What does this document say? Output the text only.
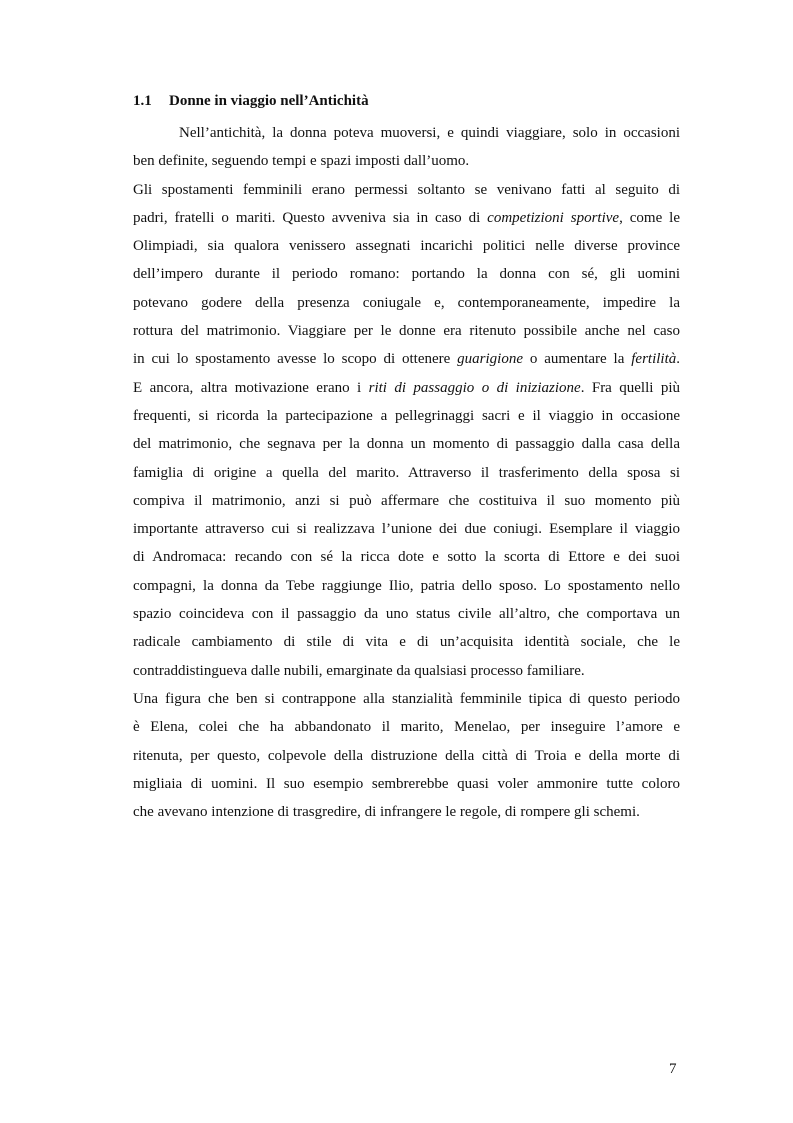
1.1 Donne in viaggio nell’Antichità
Nell’antichità, la donna poteva muoversi, e quindi viaggiare, solo in occasioni
ben definite, seguendo tempi e spazi imposti dall’uomo.
Gli spostamenti femminili erano permessi soltanto se venivano fatti al seguito di
padri, fratelli o mariti. Questo avveniva sia in caso di competizioni sportive, come le
Olimpiadi, sia qualora venissero assegnati incarichi politici nelle diverse province
dell’impero durante il periodo romano: portando la donna con sé, gli uomini
potevano godere della presenza coniugale e, contemporaneamente, impedire la
rottura del matrimonio. Viaggiare per le donne era ritenuto possibile anche nel caso
in cui lo spostamento avesse lo scopo di ottenere guarigione o aumentare la fertilità.
E ancora, altra motivazione erano i riti di passaggio o di iniziazione. Fra quelli più
frequenti, si ricorda la partecipazione a pellegrinaggi sacri e il viaggio in occasione
del matrimonio, che segnava per la donna un momento di passaggio dalla casa della
famiglia di origine a quella del marito. Attraverso il trasferimento della sposa si
compiva il matrimonio, anzi si può affermare che costituiva il suo momento più
importante attraverso cui si realizzava l’unione dei due coniugi. Esemplare il viaggio
di Andromaca: recando con sé la ricca dote e sotto la scorta di Ettore e dei suoi
compagni, la donna da Tebe raggiunge Ilio, patria dello sposo. Lo spostamento nello
spazio coincideva con il passaggio da uno status civile all’altro, che comportava un
radicale cambiamento di stile di vita e di un’acquisita identità sociale, che le
contraddistingueva dalle nubili, emarginate da qualsiasi processo familiare.
Una figura che ben si contrappone alla stanzialità femminile tipica di questo periodo
è Elena, colei che ha abbandonato il marito, Menelao, per inseguire l’amore e
ritenuta, per questo, colpevole della distruzione della città di Troia e della morte di
migliaia di uomini. Il suo esempio sembrerebbe quasi voler ammonire tutte coloro
che avevano intenzione di trasgredire, di infrangere le regole, di rompere gli schemi.
7
